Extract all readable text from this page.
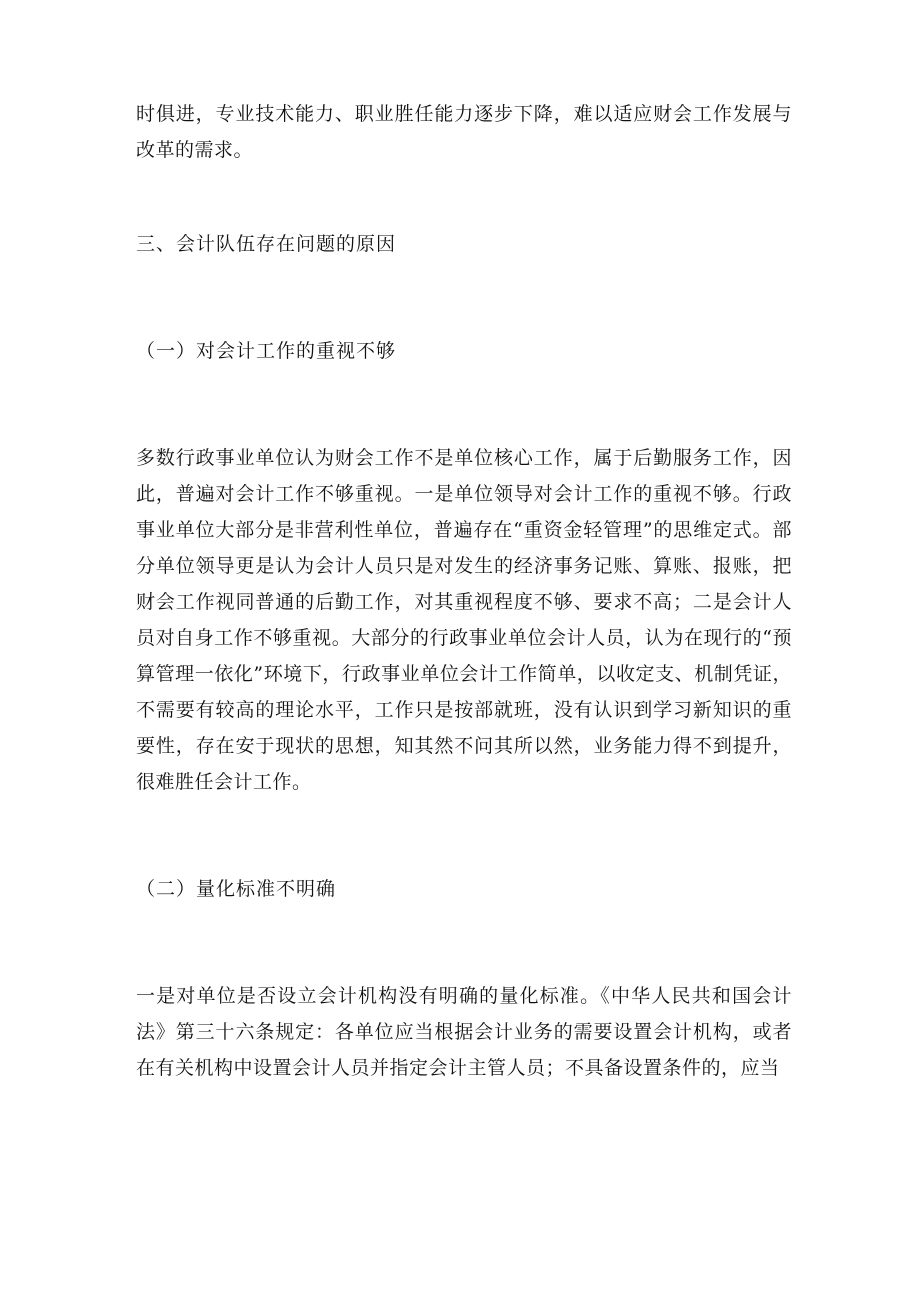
时俱进，专业技术能力、职业胜任能力逐步下降，难以适应财会工作发展与改革的需求。

三、会计队伍存在问题的原因

（一）对会计工作的重视不够

多数行政事业单位认为财会工作不是单位核心工作，属于后勤服务工作，因此，普遍对会计工作不够重视。一是单位领导对会计工作的重视不够。行政事业单位大部分是非营利性单位，普遍存在“重资金轻管理”的思维定式。部分单位领导更是认为会计人员只是对发生的经济事务记账、算账、报账，把财会工作视同普通的后勤工作，对其重视程度不够、要求不高；二是会计人员对自身工作不够重视。大部分的行政事业单位会计人员，认为在现行的“预算管理一依化”环境下，行政事业单位会计工作简单，以收定支、机制凭证，不需要有较高的理论水平，工作只是按部就班，没有认识到学习新知识的重要性，存在安于现状的思想，知其然不问其所以然，业务能力得不到提升，很难胜任会计工作。

（二）量化标准不明确

一是对单位是否设立会计机构没有明确的量化标准。《中华人民共和国会计法》第三十六条规定：各单位应当根据会计业务的需要设置会计机构，或者在有关机构中设置会计人员并指定会计主管人员；不具备设置条件的，应当
